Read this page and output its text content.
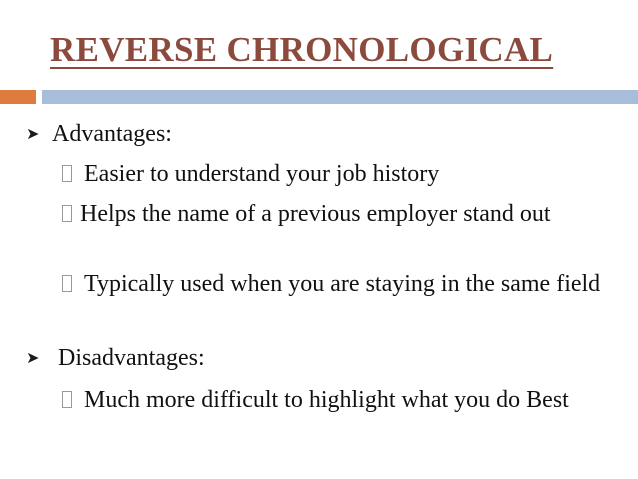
REVERSE CHRONOLOGICAL
➤ Advantages:
Easier to understand your job history
Helps the name of a previous employer stand out
Typically used when you are staying in the same field
➤ Disadvantages:
Much more difficult to highlight what you do Best
